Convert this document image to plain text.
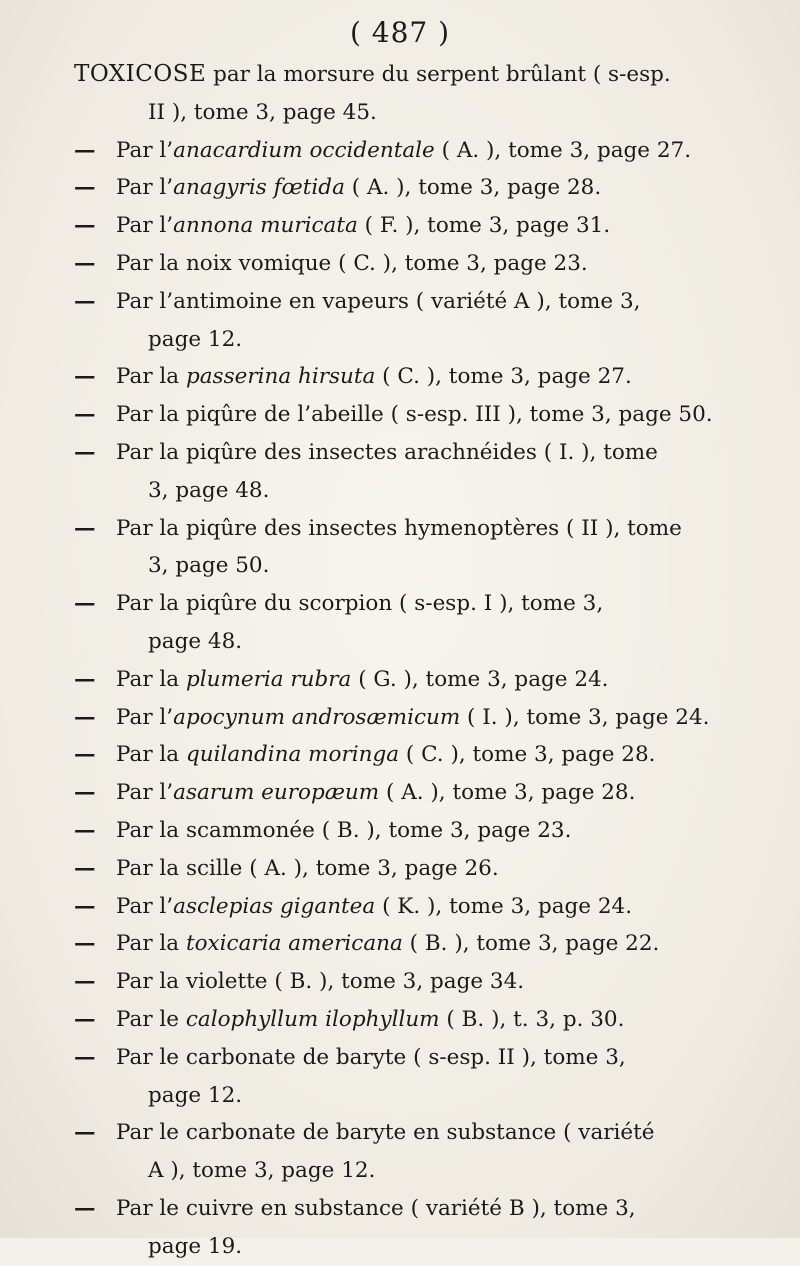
( 487 )
TOXICOSE par la morsure du serpent brûlant ( s-esp.
II ), tome 3, page 45.
— Par l’anacardium occidentale ( A. ), tome 3, page 27.
— Par l’anagyris fœtida ( A. ), tome 3, page 28.
— Par l’annona muricata ( F. ), tome 3, page 31.
— Par la noix vomique ( C. ), tome 3, page 23.
— Par l’antimoine en vapeurs ( variété A ), tome 3,
page 12.
— Par la passerina hirsuta ( C. ), tome 3, page 27.
— Par la piqûre de l’abeille ( s-esp. III ), tome 3, page 50.
— Par la piqûre des insectes arachnéides ( I. ), tome
3, page 48.
— Par la piqûre des insectes hymenoptères ( II ), tome
3, page 50.
— Par la piqûre du scorpion ( s-esp. I ), tome 3,
page 48.
— Par la plumeria rubra ( G. ), tome 3, page 24.
— Par l’apocynum androsæmicum ( I. ), tome 3, page 24.
— Par la quilandina moringa ( C. ), tome 3, page 28.
— Par l’asarum europæum ( A. ), tome 3, page 28.
— Par la scammonée ( B. ), tome 3, page 23.
— Par la scille ( A. ), tome 3, page 26.
— Par l’asclepias gigantea ( K. ), tome 3, page 24.
— Par la toxicaria americana ( B. ), tome 3, page 22.
— Par la violette ( B. ), tome 3, page 34.
— Par le calophyllum ilophyllum ( B. ), t. 3, p. 30.
— Par le carbonate de baryte ( s-esp. II ), tome 3,
page 12.
— Par le carbonate de baryte en substance ( variété
A ), tome 3, page 12.
— Par le cuivre en substance ( variété B ), tome 3,
page 19.
